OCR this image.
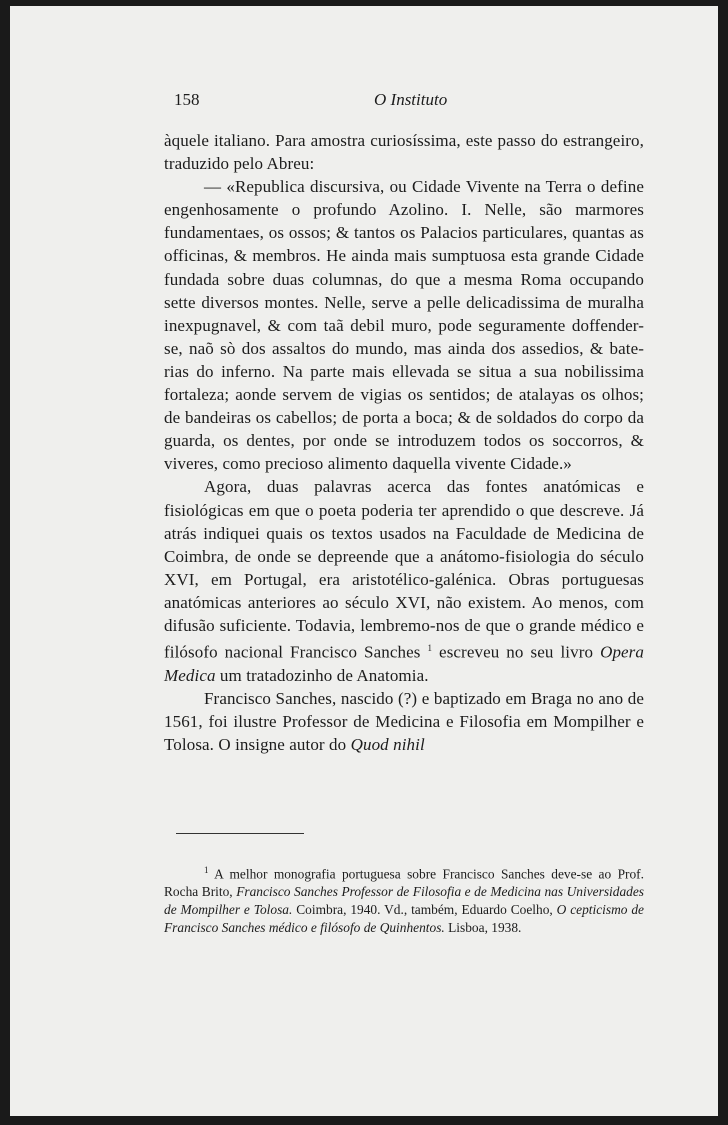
158	O Instituto

àquele italiano. Para amostra curiosíssima, este passo do estrangeiro, traduzido pelo Abreu:

— «Republica discursiva, ou Cidade Vivente na Terra o define engenhosamente o profundo Azolino. I. Nelle, são marmores fundamentaes, os ossos; & tantos os Palacios particulares, quantas as officinas, & membros. He ainda mais sumptuosa esta grande Cidade fundada sobre duas columnas, do que a mesma Roma occupando sette diversos montes. Nelle, serve a pelle delicadissima de muralha inexpugnavel, & com taã debil muro, pode seguramente doffender-se, naõ sò dos assaltos do mundo, mas ainda dos assedios, & bate-rias do inferno. Na parte mais ellevada se situa a sua nobilissima fortaleza; aonde servem de vigias os sentidos; de atalayas os olhos; de bandeiras os cabellos; de porta a boca; & de soldados do corpo da guarda, os dentes, por onde se introduzem todos os soccorros, & viveres, como precioso alimento daquella vivente Cidade.»

Agora, duas palavras acerca das fontes anatómicas e fisiológicas em que o poeta poderia ter aprendido o que descreve. Já atrás indiquei quais os textos usados na Faculdade de Medicina de Coimbra, de onde se depreende que a anátomo-fisiologia do século XVI, em Portugal, era aristotélico-galénica. Obras portuguesas anatómicas anteriores ao século XVI, não existem. Ao menos, com difusão suficiente. Todavia, lembremo-nos de que o grande médico e filósofo nacional Francisco Sanches $^1$ escreveu no seu livro Opera Medica um tratadozinho de Anatomia.

Francisco Sanches, nascido (?) e baptizado em Braga no ano de 1561, foi ilustre Professor de Medicina e Filosofia em Mompilher e Tolosa. O insigne autor do Quod nihil

$^1$ A melhor monografia portuguesa sobre Francisco Sanches deve-se ao Prof. Rocha Brito, Francisco Sanches Professor de Filosofia e de Medicina nas Universidades de Mompilher e Tolosa. Coimbra, 1940. Vd., também, Eduardo Coelho, O cepticismo de Francisco Sanches médico e filósofo de Quinhentos. Lisboa, 1938.
